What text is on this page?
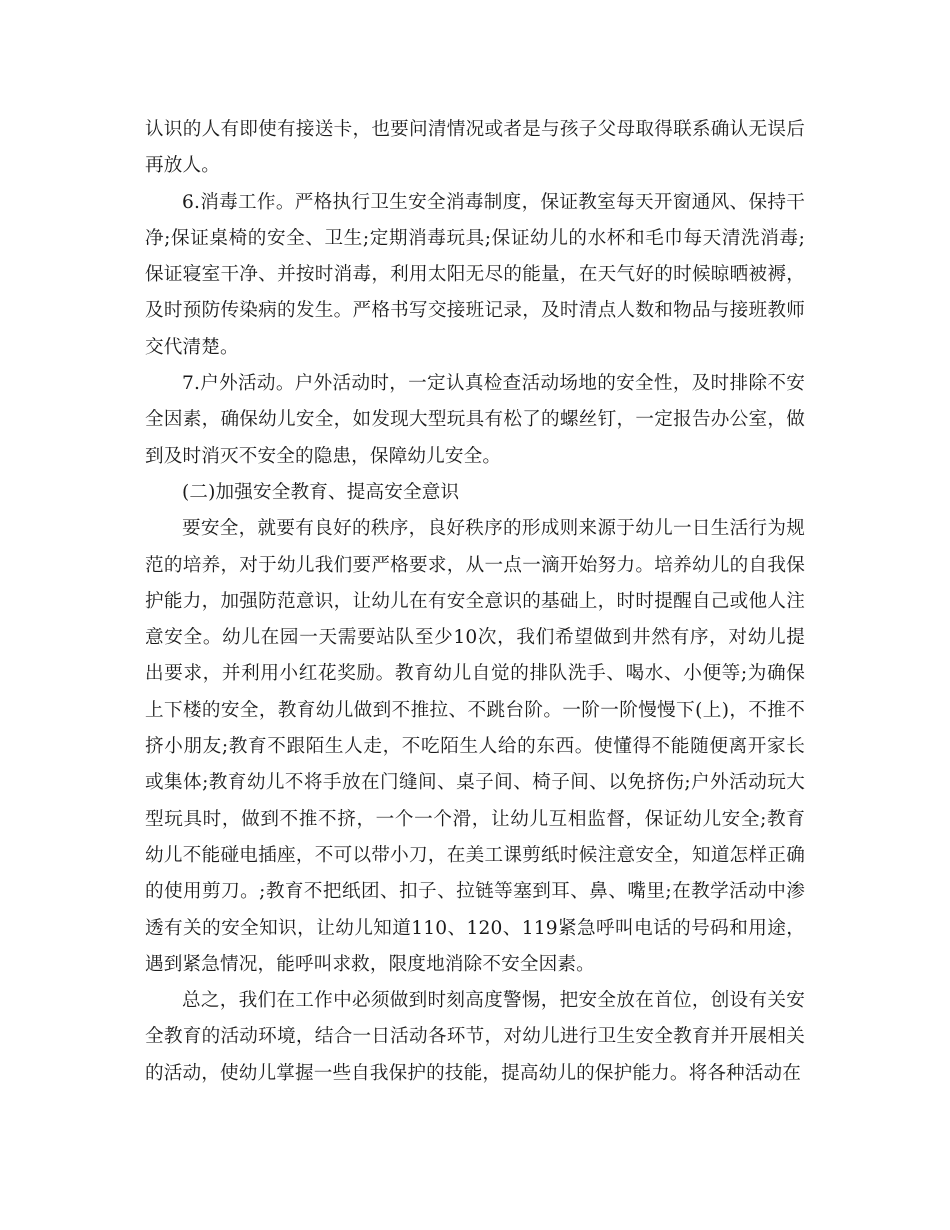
认识的人有即使有接送卡，也要问清情况或者是与孩子父母取得联系确认无误后再放人。

6.消毒工作。严格执行卫生安全消毒制度，保证教室每天开窗通风、保持干净;保证桌椅的安全、卫生;定期消毒玩具;保证幼儿的水杯和毛巾每天清洗消毒;保证寝室干净、并按时消毒，利用太阳无尽的能量，在天气好的时候晾晒被褥，及时预防传染病的发生。严格书写交接班记录，及时清点人数和物品与接班教师交代清楚。

7.户外活动。户外活动时，一定认真检查活动场地的安全性，及时排除不安全因素，确保幼儿安全，如发现大型玩具有松了的螺丝钉，一定报告办公室，做到及时消灭不安全的隐患，保障幼儿安全。

(二)加强安全教育、提高安全意识

要安全，就要有良好的秩序，良好秩序的形成则来源于幼儿一日生活行为规范的培养，对于幼儿我们要严格要求，从一点一滴开始努力。培养幼儿的自我保护能力，加强防范意识，让幼儿在有安全意识的基础上，时时提醒自己或他人注意安全。幼儿在园一天需要站队至少10次，我们希望做到井然有序，对幼儿提出要求，并利用小红花奖励。教育幼儿自觉的排队洗手、喝水、小便等;为确保上下楼的安全，教育幼儿做到不推拉、不跳台阶。一阶一阶慢慢下(上)，不推不挤小朋友;教育不跟陌生人走，不吃陌生人给的东西。使懂得不能随便离开家长或集体;教育幼儿不将手放在门缝间、桌子间、椅子间、以免挤伤;户外活动玩大型玩具时，做到不推不挤，一个一个滑，让幼儿互相监督，保证幼儿安全;教育幼儿不能碰电插座，不可以带小刀，在美工课剪纸时候注意安全，知道怎样正确的使用剪刀。;教育不把纸团、扣子、拉链等塞到耳、鼻、嘴里;在教学活动中渗透有关的安全知识，让幼儿知道110、120、119紧急呼叫电话的号码和用途，遇到紧急情况，能呼叫求救，限度地消除不安全因素。

总之，我们在工作中必须做到时刻高度警惕，把安全放在首位，创设有关安全教育的活动环境，结合一日活动各环节，对幼儿进行卫生安全教育并开展相关的活动，使幼儿掌握一些自我保护的技能，提高幼儿的保护能力。将各种活动在
